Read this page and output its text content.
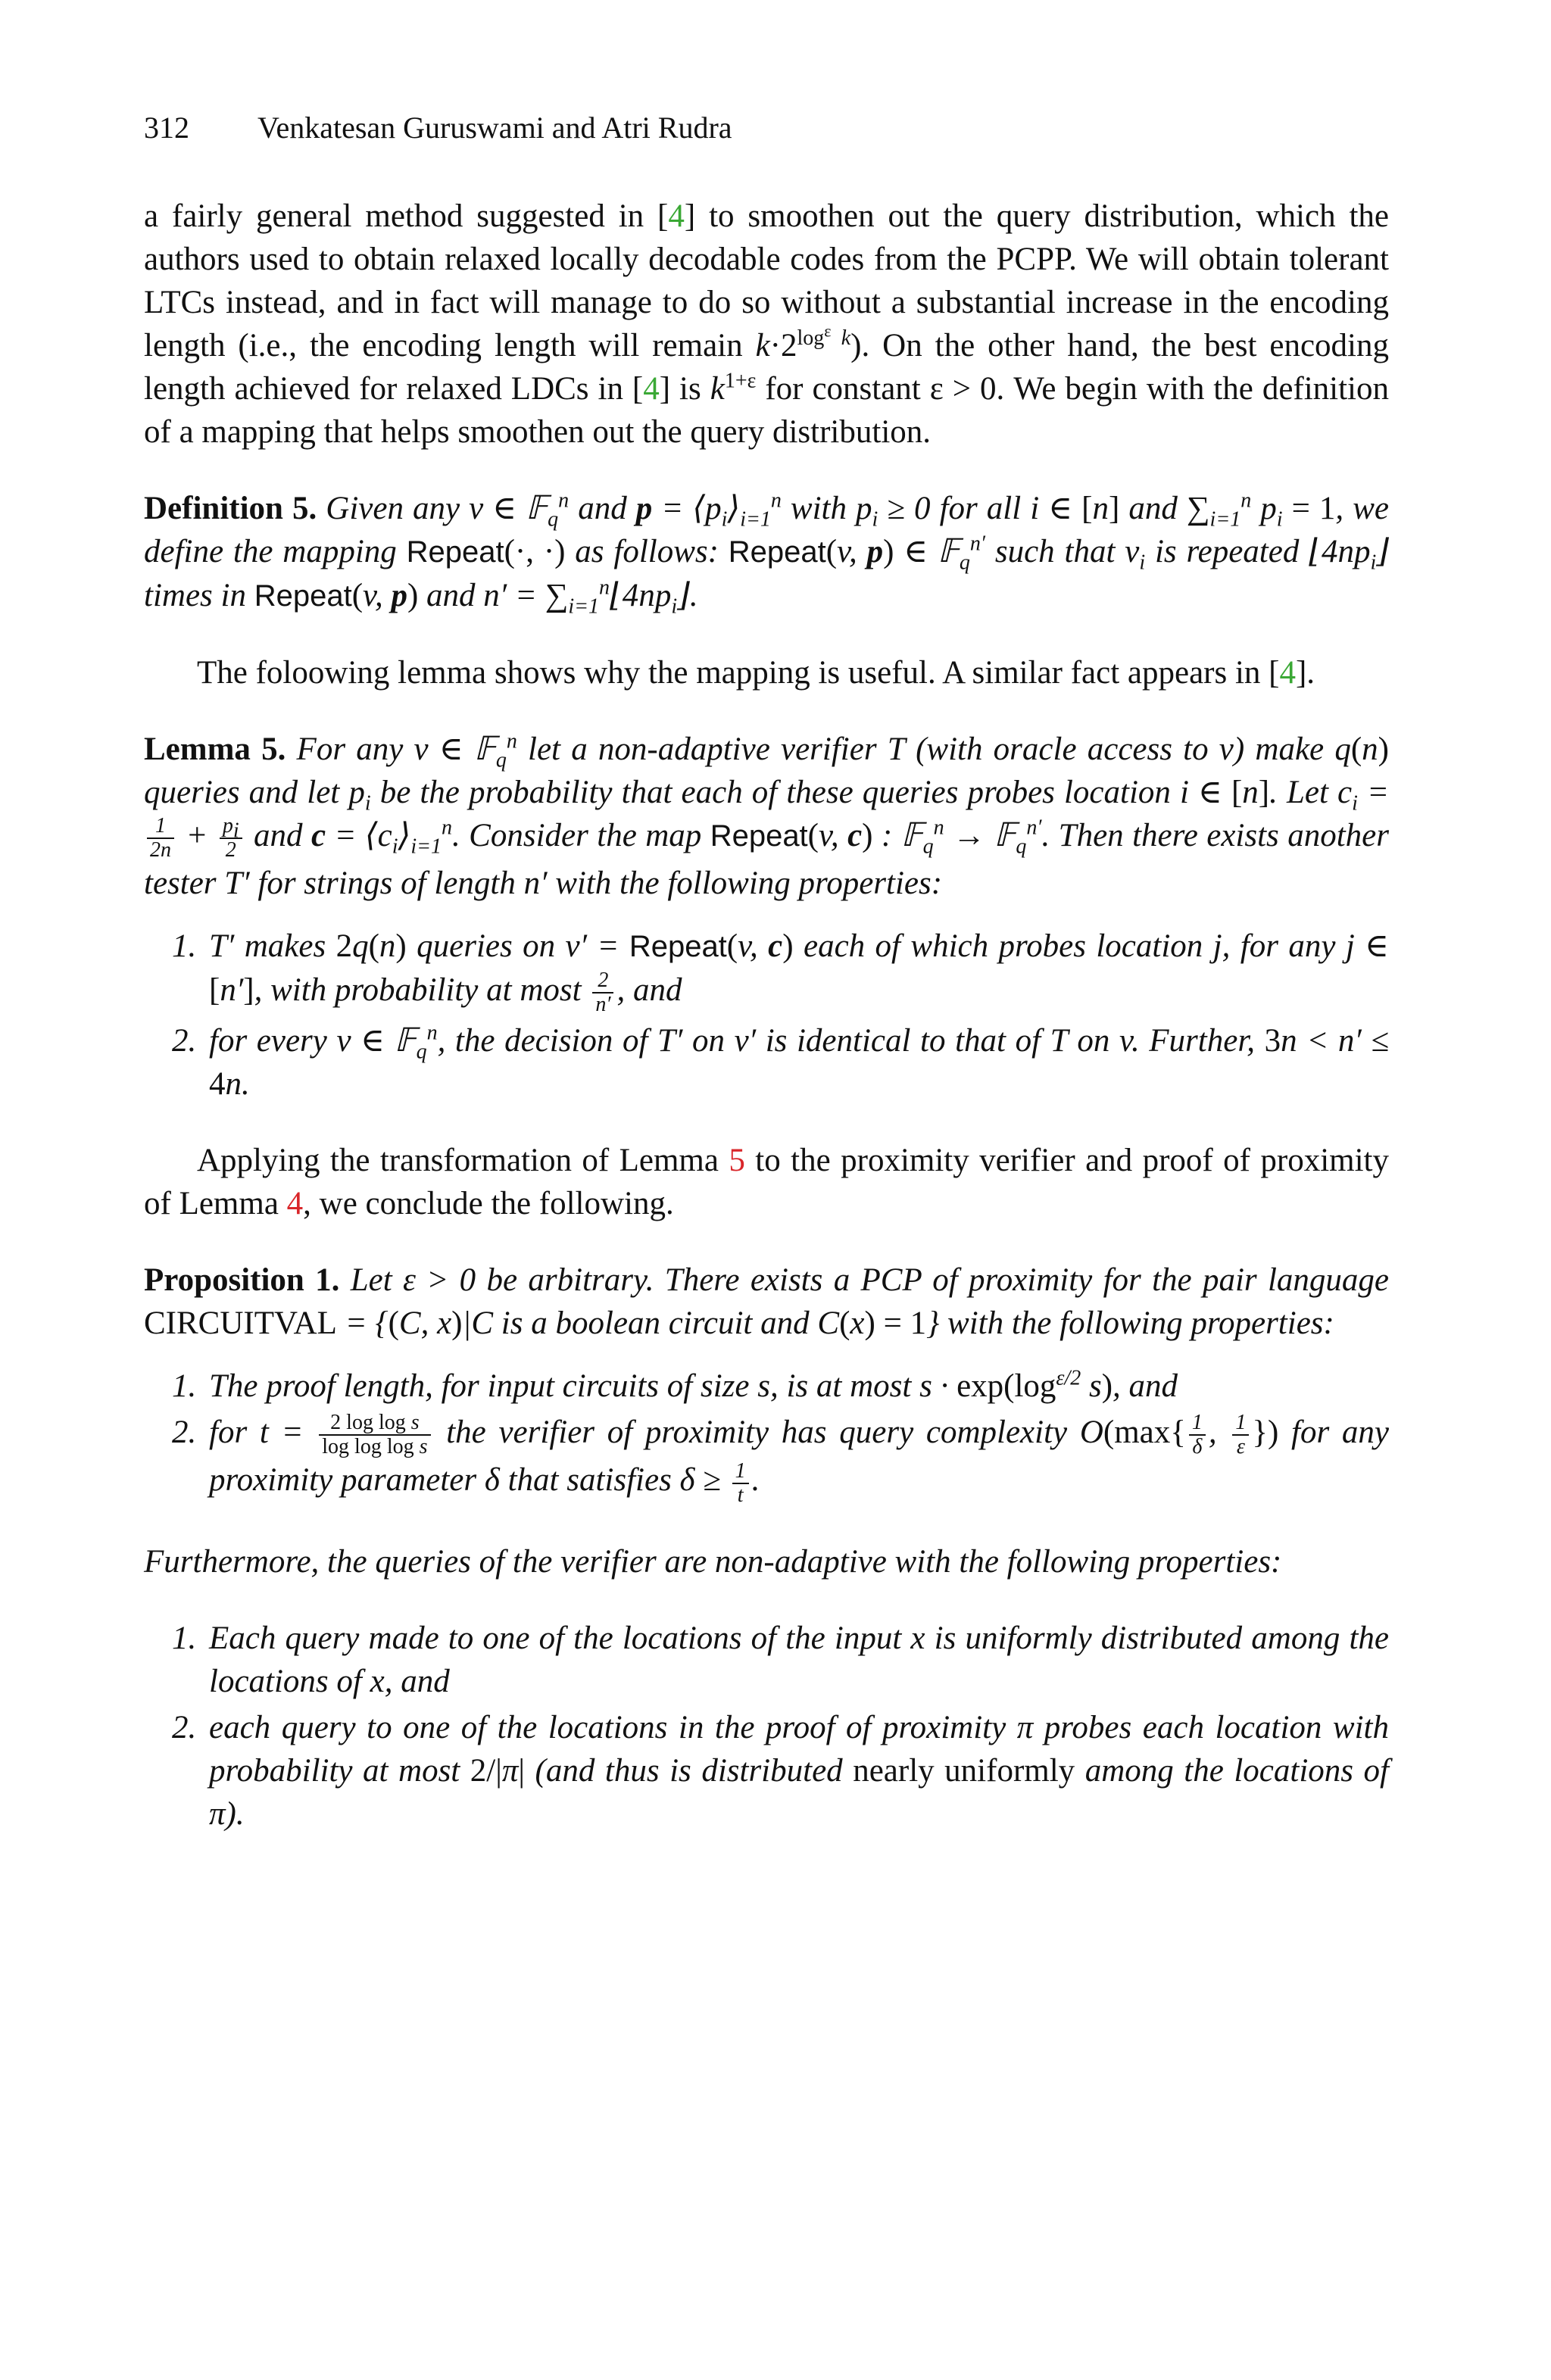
312 Venkatesan Guruswami and Atri Rudra

a fairly general method suggested in [4] to smoothen out the query distribution, which the authors used to obtain relaxed locally decodable codes from the PCPP. We will obtain tolerant LTCs instead, and in fact will manage to do so without a substantial increase in the encoding length (i.e., the encoding length will remain $k\cdot 2^{log^\varepsilon k}$). On the other hand, the best encoding length achieved for relaxed LDCs in [4] is $k^{1+\varepsilon}$ for constant ε > 0. We begin with the definition of a mapping that helps smoothen out the query distribution.

Definition 5. Given any v ∈ 𝔽$_q^n$ and $p = ⟨p_i⟩_{i=1}^n$ with $p_i \ge 0$ for all i ∈ [n] and $\sum_{i=1}^n$ $p_i = 1$, we define the mapping Repeat(·, ·) as follows: Repeat(v, p) ∈ 𝔽$_q^{n'}$ such that $v_i$ is repeated $⌊4np_i⌋$ times in Repeat(v, p) and $n' = \sum_{i=1}^n⌊4np_i⌋$.

The foloowing lemma shows why the mapping is useful. A similar fact appears in [4].

Lemma 5. For any v ∈ 𝔽$_q^n$ let a non-adaptive verifier T (with oracle access to v) make q(n) queries and let $p_i$ be the probability that each of these queries probes location i ∈ [n]. Let $c_i$ =
$\frac{1}{2n} + \frac{p_i}{2}$ and $c = ⟨c_i⟩_{i=1}^n$. Consider the map Repeat(v, c) : 𝔽$_q^n$ → 𝔽$_q^{n'}$. Then there exists another tester T′ for strings of length n′ with the following properties:

1. T′ makes 2q(n) queries on v′ = Repeat(v, c) each of which probes location j, for any j ∈ [n′], with probability at most $\frac{2}{n'}$ , and
2. for every v ∈ 𝔽$_q^n$, the decision of T′ on v′ is identical to that of T on v. Further, 3n < n′ ≤ 4n.

Applying the transformation of Lemma 5 to the proximity verifier and proof of proximity of Lemma 4, we conclude the following.

Proposition 1. Let ε > 0 be arbitrary. There exists a PCP of proximity for the pair language CIRCUITVAL = {(C, x)|C is a boolean circuit and C(x) = 1} with the following properties:

1. The proof length, for input circuits of size s, is at most $s \cdot \exp(\log^{\varepsilon/2}$ s), and
2. for $t = \frac{\text{2 log log s}}{\text{log log log s}}$ the verifier of proximity has query complexity $O(\max\{ \frac{1}{\delta}$ , $\frac{1}{\varepsilon}$ }) for any proximity parameter δ that satisfies $\delta \ge \frac{1}{t}$ .

Furthermore, the queries of the verifier are non-adaptive with the following properties:

1. Each query made to one of the locations of the input x is uniformly distributed among the locations of x, and
2. each query to one of the locations in the proof of proximity π probes each location with probability at most 2/|π| (and thus is distributed nearly uniformly among the locations of π).
